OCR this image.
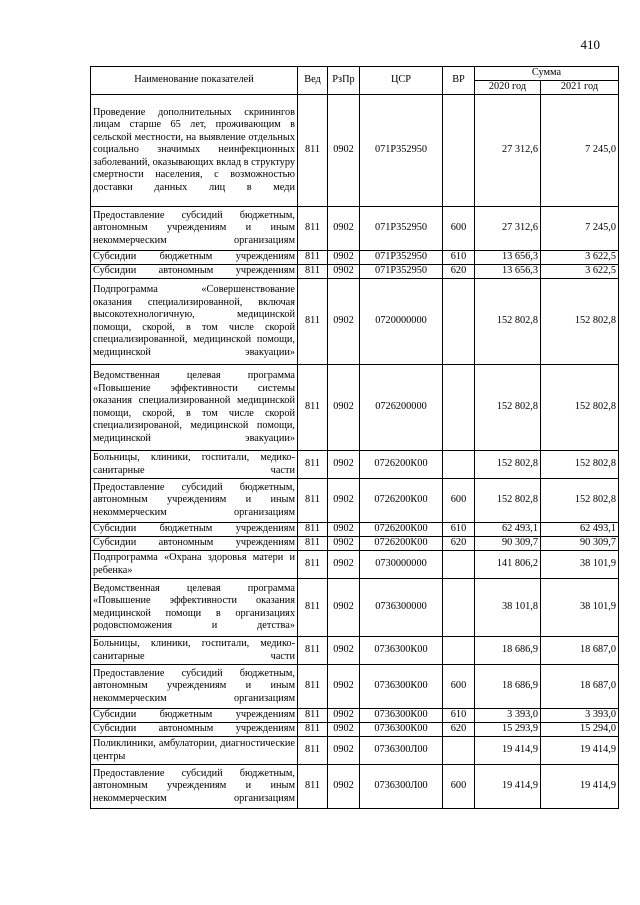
410
Наименование показателей	Вед	РзПр	ЦСР	ВР	Сумма	
					2020 год	2021 год
Проведение дополнительных скринингов лицам старше 65 лет, проживающим в сельской местности, на выявление отдельных социально значимых неинфекционных заболеваний, оказывающих вклад в структуру смертности населения, с возможностью доставки данных лиц в меди	811	0902	071P352950		27 312,6	7 245,0
Предоставление субсидий бюджетным, автономным учреждениям и иным некоммерческим организациям	811	0902	071P352950	600	27 312,6	7 245,0
Субсидии бюджетным учреждениям	811	0902	071P352950	610	13 656,3	3 622,5
Субсидии автономным учреждениям	811	0902	071P352950	620	13 656,3	3 622,5
Подпрограмма «Совершенствование оказания специализированной, включая высокотехнологичную, медицинской помощи, скорой, в том числе скорой специализированной, медицинской помощи, медицинской эвакуации»	811	0902	0720000000		152 802,8	152 802,8
Ведомственная целевая программа «Повышение эффективности системы оказания специализированной медицинской помощи, скорой, в том числе скорой специализированой, медицинской помощи, медицинской эвакуации»	811	0902	0726200000		152 802,8	152 802,8
Больницы, клиники, госпитали, медико-санитарные части	811	0902	0726200К00		152 802,8	152 802,8
Предоставление субсидий бюджетным, автономным учреждениям и иным некоммерческим организациям	811	0902	0726200К00	600	152 802,8	152 802,8
Субсидии бюджетным учреждениям	811	0902	0726200К00	610	62 493,1	62 493,1
Субсидии автономным учреждениям	811	0902	0726200К00	620	90 309,7	90 309,7
Подпрограмма «Охрана здоровья матери и ребенка»	811	0902	0730000000		141 806,2	38 101,9
Ведомственная целевая программа «Повышение эффективности оказания медицинской помощи в организациях родовспоможения и детства»	811	0902	0736300000		38 101,8	38 101,9
Больницы, клиники, госпитали, медико-санитарные части	811	0902	0736300К00		18 686,9	18 687,0
Предоставление субсидий бюджетным, автономным учреждениям и иным некоммерческим организациям	811	0902	0736300К00	600	18 686,9	18 687,0
Субсидии бюджетным учреждениям	811	0902	0736300К00	610	3 393,0	3 393,0
Субсидии автономным учреждениям	811	0902	0736300К00	620	15 293,9	15 294,0
Поликлиники, амбулатории, диагностические центры	811	0902	0736300Л00		19 414,9	19 414,9
Предоставление субсидий бюджетным, автономным учреждениям и иным некоммерческим организациям	811	0902	0736300Л00	600	19 414,9	19 414,9
